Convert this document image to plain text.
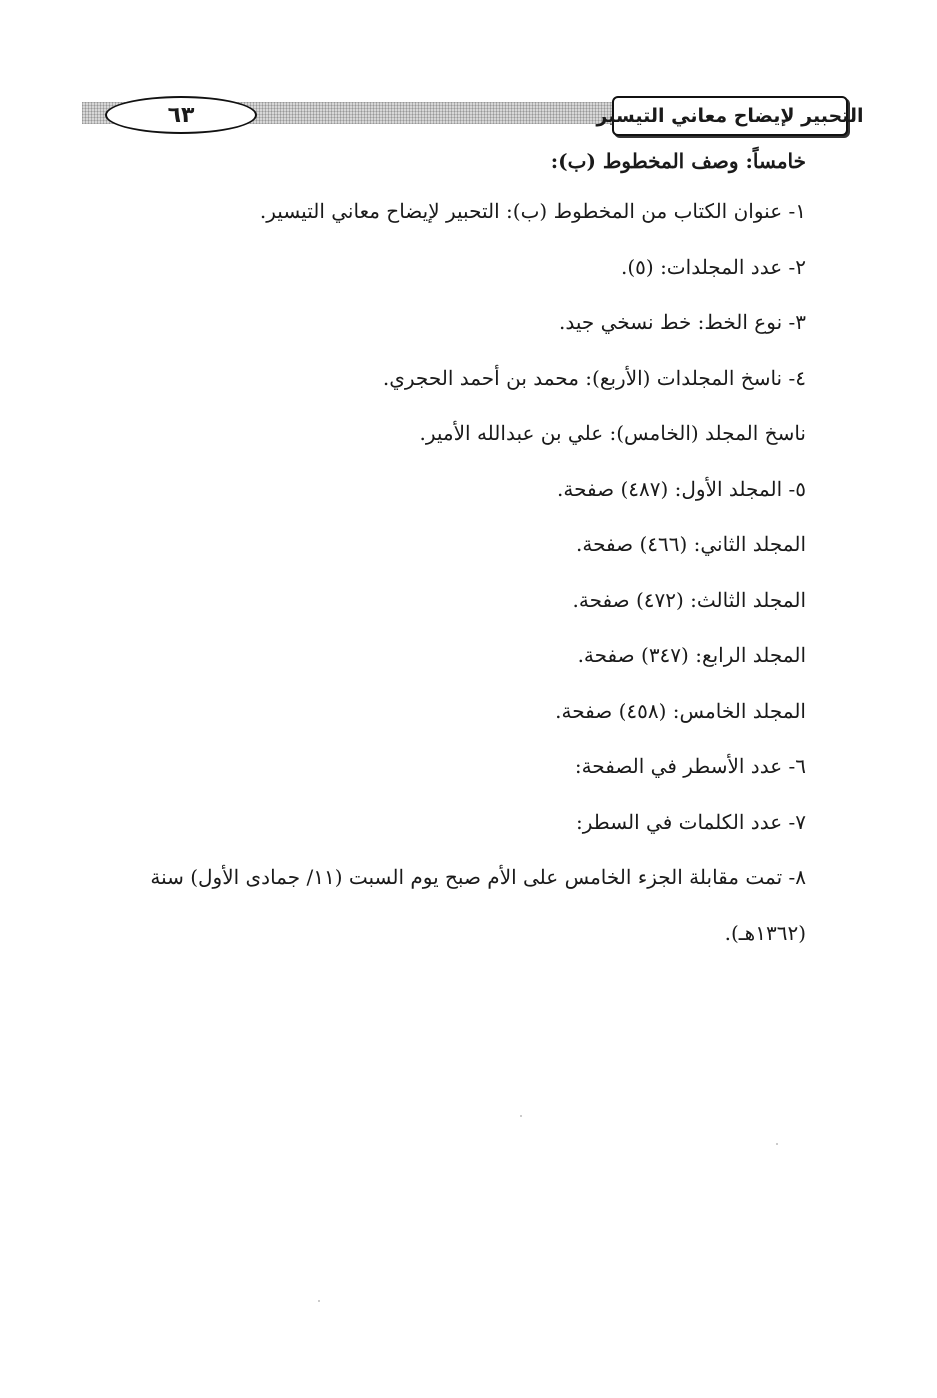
٦٣	التحبير لإيضاح معاني التيسير
خامساً: وصف المخطوط (ب):
١- عنوان الكتاب من المخطوط (ب): التحبير لإيضاح معاني التيسير.
٢- عدد المجلدات: (٥).
٣- نوع الخط: خط نسخي جيد.
٤- ناسخ المجلدات (الأربع): محمد بن أحمد الحجري.
ناسخ المجلد (الخامس): علي بن عبدالله الأمير.
٥- المجلد الأول: (٤٨٧) صفحة.
المجلد الثاني: (٤٦٦) صفحة.
المجلد الثالث: (٤٧٢) صفحة.
المجلد الرابع: (٣٤٧) صفحة.
المجلد الخامس: (٤٥٨) صفحة.
٦- عدد الأسطر في الصفحة:
٧- عدد الكلمات في السطر:
٨- تمت مقابلة الجزء الخامس على الأم صبح يوم السبت (١١/ جمادى الأول) سنة
(١٣٦٢هـ).
